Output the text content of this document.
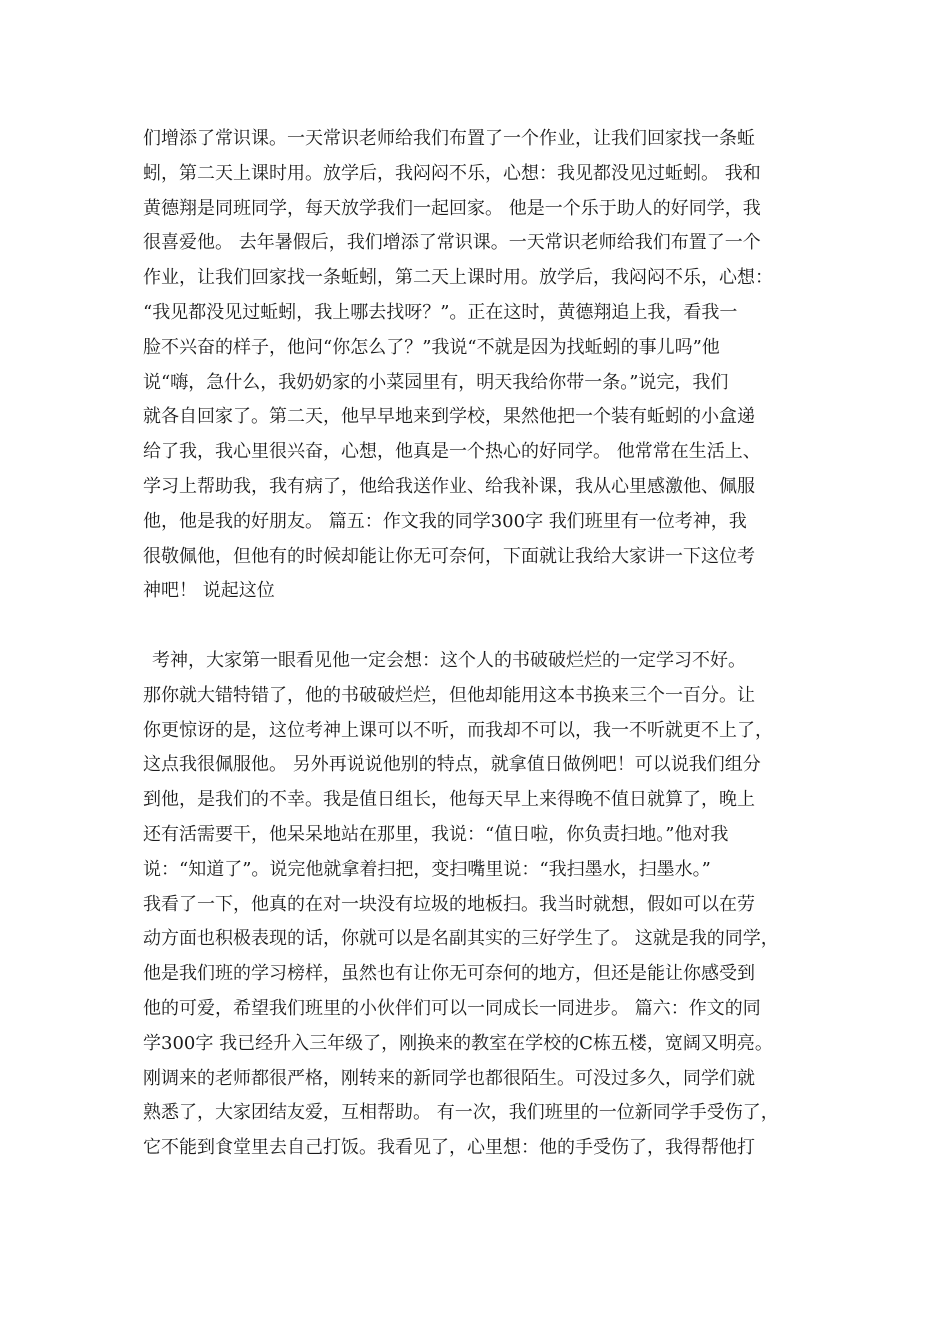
们增添了常识课。一天常识老师给我们布置了一个作业，让我们回家找一条蚯
蚓，第二天上课时用。放学后，我闷闷不乐，心想：我见都没见过蚯蚓。 我和
黄德翔是同班同学，每天放学我们一起回家。 他是一个乐于助人的好同学，我
很喜爱他。 去年暑假后，我们增添了常识课。一天常识老师给我们布置了一个
作业，让我们回家找一条蚯蚓，第二天上课时用。放学后，我闷闷不乐，心想：
“我见都没见过蚯蚓，我上哪去找呀？”。正在这时，黄德翔追上我，看我一
脸不兴奋的样子，他问“你怎么了？”我说“不就是因为找蚯蚓的事儿吗”他
说“嗨，急什么，我奶奶家的小菜园里有，明天我给你带一条。”说完，我们
就各自回家了。第二天，他早早地来到学校，果然他把一个装有蚯蚓的小盒递
给了我，我心里很兴奋，心想，他真是一个热心的好同学。 他常常在生活上、
学习上帮助我，我有病了，他给我送作业、给我补课，我从心里感激他、佩服
他，他是我的好朋友。 篇五：作文我的同学300字 我们班里有一位考神，我
很敬佩他，但他有的时候却能让你无可奈何，下面就让我给大家讲一下这位考
神吧！ 说起这位
考神，大家第一眼看见他一定会想：这个人的书破破烂烂的一定学习不好。
那你就大错特错了，他的书破破烂烂，但他却能用这本书换来三个一百分。让
你更惊讶的是，这位考神上课可以不听，而我却不可以，我一不听就更不上了，
这点我很佩服他。 另外再说说他别的特点，就拿值日做例吧！可以说我们组分
到他，是我们的不幸。我是值日组长，他每天早上来得晚不值日就算了，晚上
还有活需要干，他呆呆地站在那里，我说：“值日啦，你负责扫地。”他对我
说：“知道了”。说完他就拿着扫把，变扫嘴里说：“我扫墨水，扫墨水。”
我看了一下，他真的在对一块没有垃圾的地板扫。我当时就想，假如可以在劳
动方面也积极表现的话，你就可以是名副其实的三好学生了。 这就是我的同学，
他是我们班的学习榜样，虽然也有让你无可奈何的地方，但还是能让你感受到
他的可爱，希望我们班里的小伙伴们可以一同成长一同进步。 篇六：作文的同
学300字 我已经升入三年级了，刚换来的教室在学校的C栋五楼，宽阔又明亮。
刚调来的老师都很严格，刚转来的新同学也都很陌生。可没过多久，同学们就
熟悉了，大家团结友爱，互相帮助。 有一次，我们班里的一位新同学手受伤了，
它不能到食堂里去自己打饭。我看见了，心里想：他的手受伤了，我得帮他打
